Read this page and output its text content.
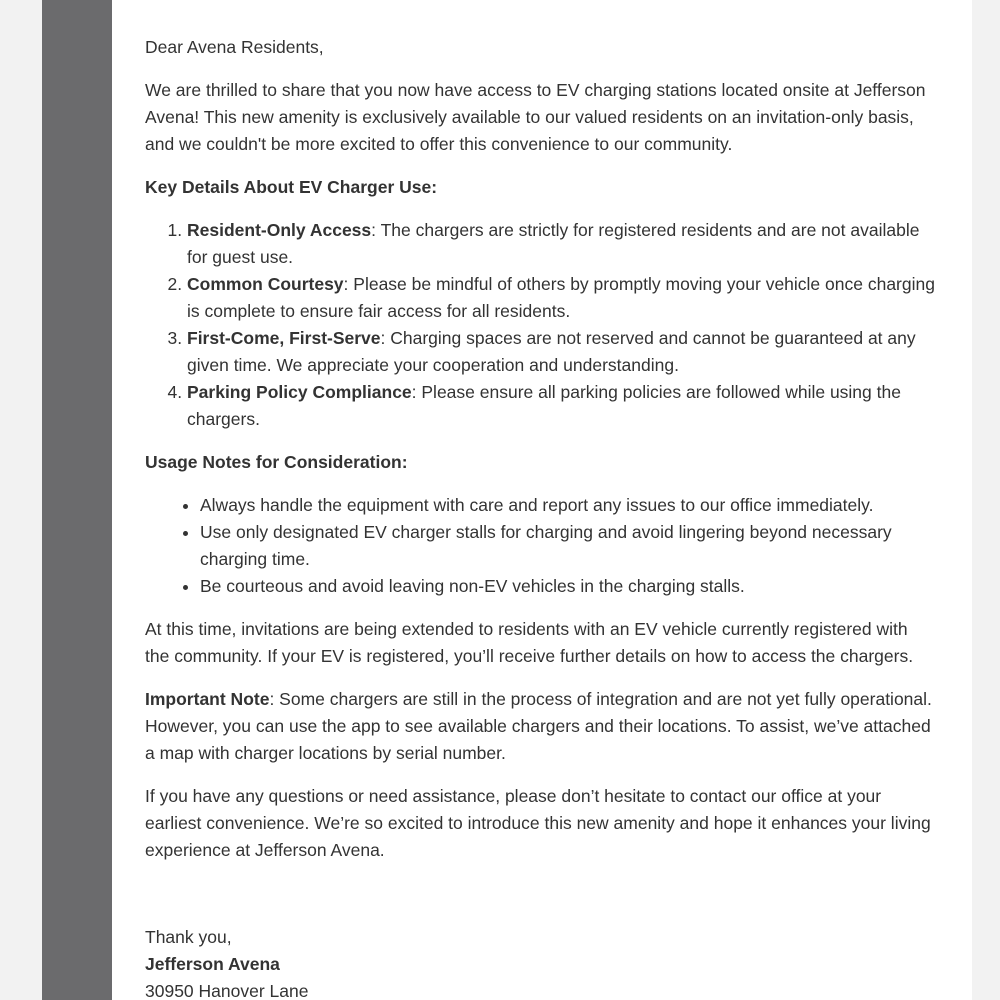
Dear Avena Residents,

We are thrilled to share that you now have access to EV charging stations located onsite at Jefferson Avena! This new amenity is exclusively available to our valued residents on an invitation-only basis, and we couldn't be more excited to offer this convenience to our community.

Key Details About EV Charger Use:

1. Resident-Only Access: The chargers are strictly for registered residents and are not available for guest use.
2. Common Courtesy: Please be mindful of others by promptly moving your vehicle once charging is complete to ensure fair access for all residents.
3. First-Come, First-Serve: Charging spaces are not reserved and cannot be guaranteed at any given time. We appreciate your cooperation and understanding.
4. Parking Policy Compliance: Please ensure all parking policies are followed while using the chargers.

Usage Notes for Consideration:

• Always handle the equipment with care and report any issues to our office immediately.
• Use only designated EV charger stalls for charging and avoid lingering beyond necessary charging time.
• Be courteous and avoid leaving non-EV vehicles in the charging stalls.

At this time, invitations are being extended to residents with an EV vehicle currently registered with the community. If your EV is registered, you’ll receive further details on how to access the chargers.

Important Note: Some chargers are still in the process of integration and are not yet fully operational. However, you can use the app to see available chargers and their locations. To assist, we’ve attached a map with charger locations by serial number.

If you have any questions or need assistance, please don’t hesitate to contact our office at your earliest convenience. We’re so excited to introduce this new amenity and hope it enhances your living experience at Jefferson Avena.

Thank you,

Jefferson Avena

30950 Hanover Lane
